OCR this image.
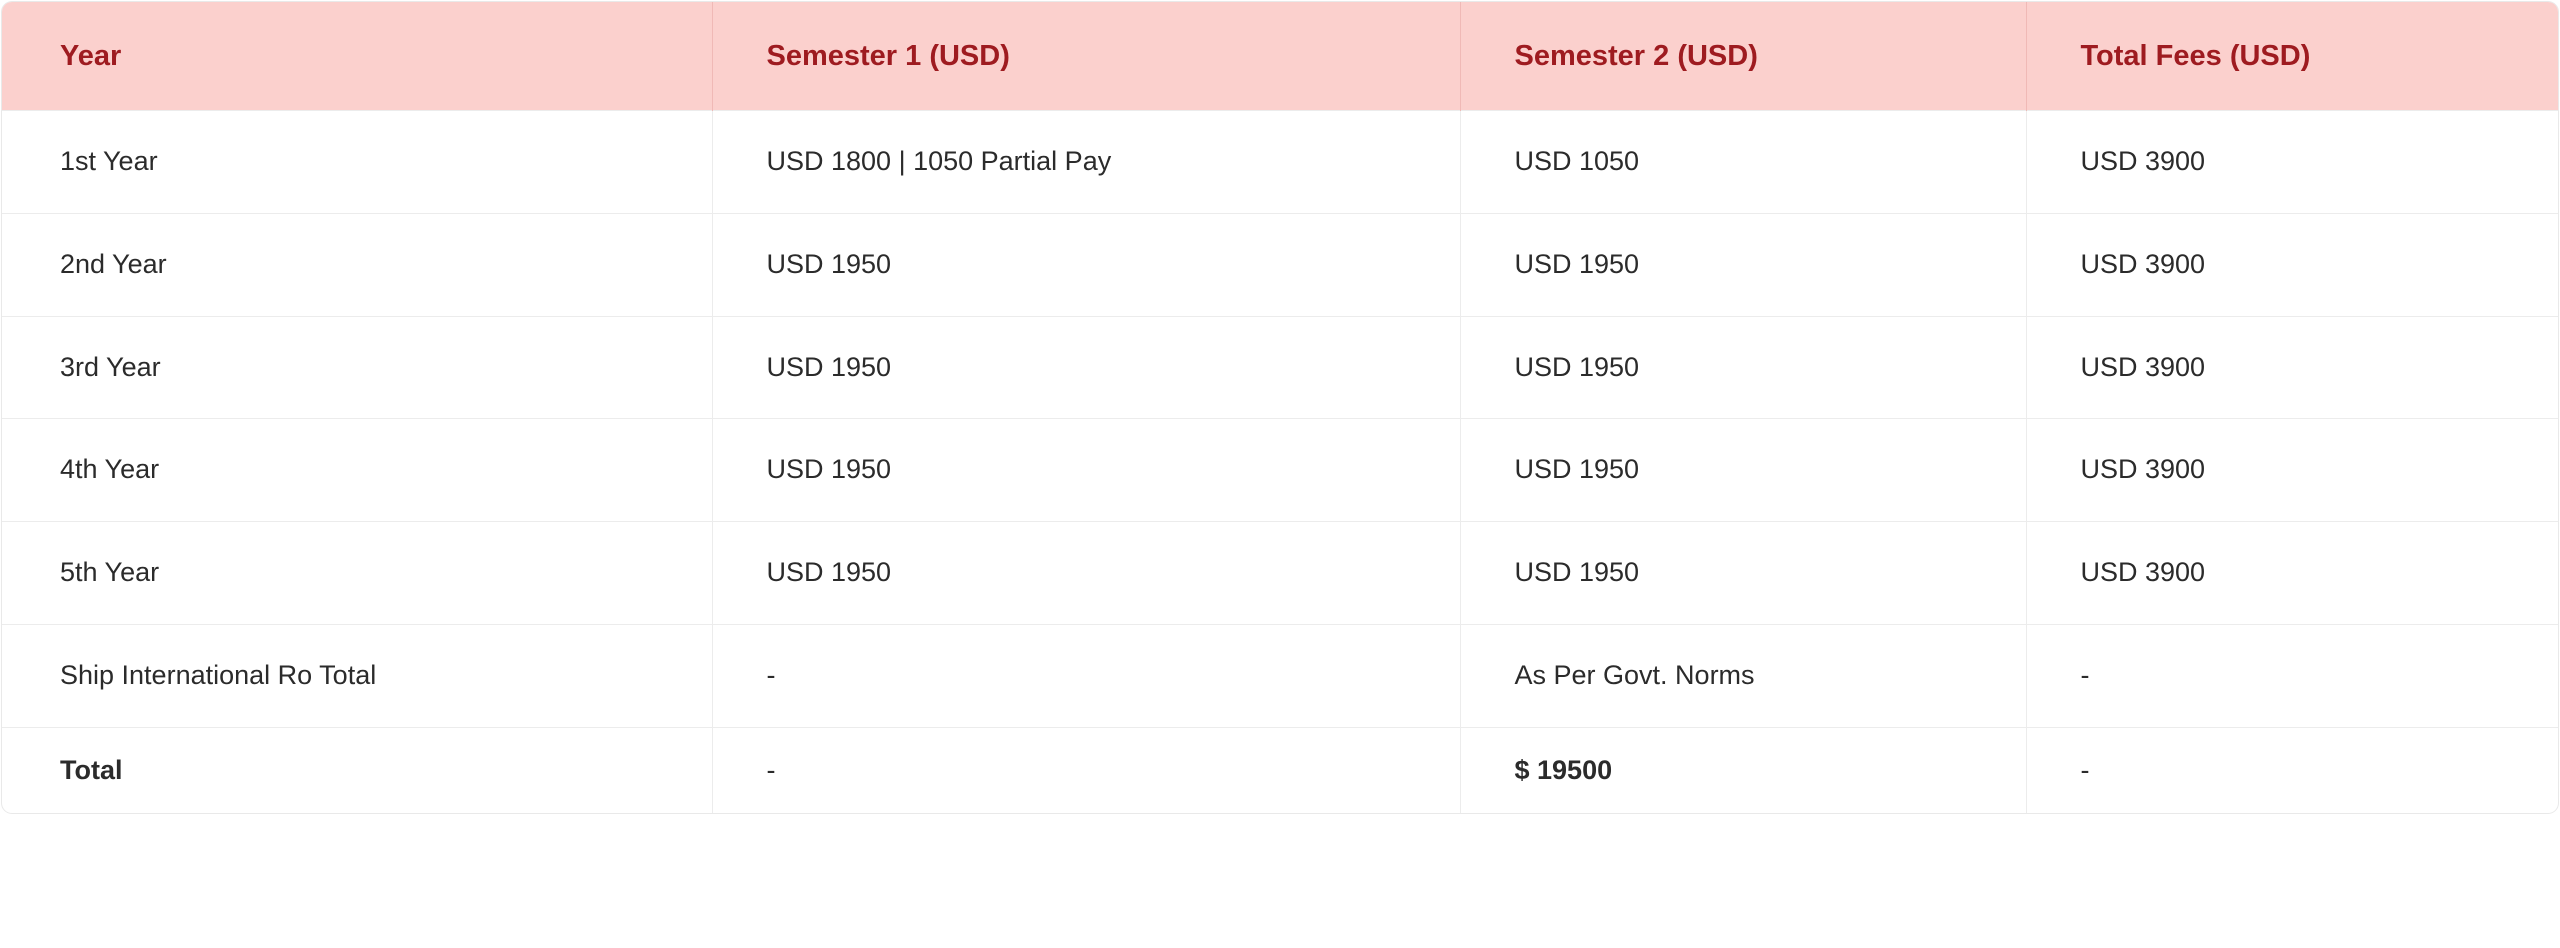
Year	Semester 1 (USD)	Semester 2 (USD)	Total Fees (USD)
1st Year	USD 1800 | 1050 Partial Pay	USD 1050	USD 3900
2nd Year	USD 1950	USD 1950	USD 3900
3rd Year	USD 1950	USD 1950	USD 3900
4th Year	USD 1950	USD 1950	USD 3900
5th Year	USD 1950	USD 1950	USD 3900
Ship International Ro Total	-	As Per Govt. Norms	-
Total	-	$ 19500	-
